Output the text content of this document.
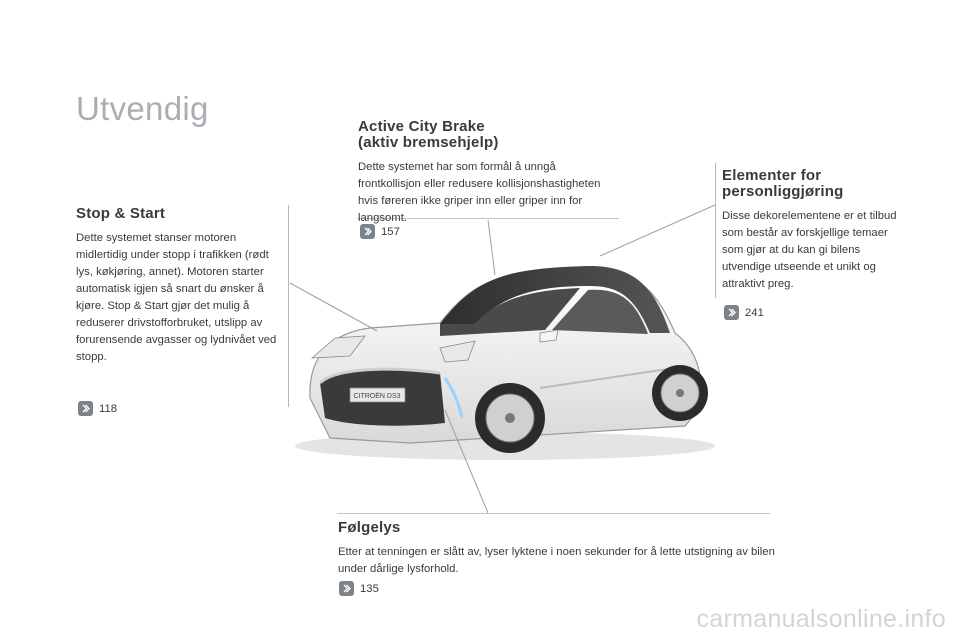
Utvendig
Stop & Start

Dette systemet stanser motoren midlertidig under stopp i trafikken (rødt lys, køkjøring, annet). Motoren starter automatisk igjen så snart du ønsker å kjøre. Stop & Start gjør det mulig å reduserer drivstofforbruket, utslipp av forurensende avgasser og lydnivået ved stopp.

118
Active City Brake
(aktiv bremsehjelp)

Dette systemet har som formål å unngå frontkollisjon eller redusere kollisjonshastigheten hvis føreren ikke griper inn eller griper inn for langsomt.

157
Elementer for
personliggjøring

Disse dekorelementene er et tilbud som består av forskjellige temaer som gjør at du kan gi bilens utvendige utseende et unikt og attraktivt preg.

241
Følgelys

Etter at tenningen er slått av, lyser lyktene i noen sekunder for å lette utstigning av bilen under dårlige lysforhold.

135
CITROËN DS3
carmanualsonline.info
